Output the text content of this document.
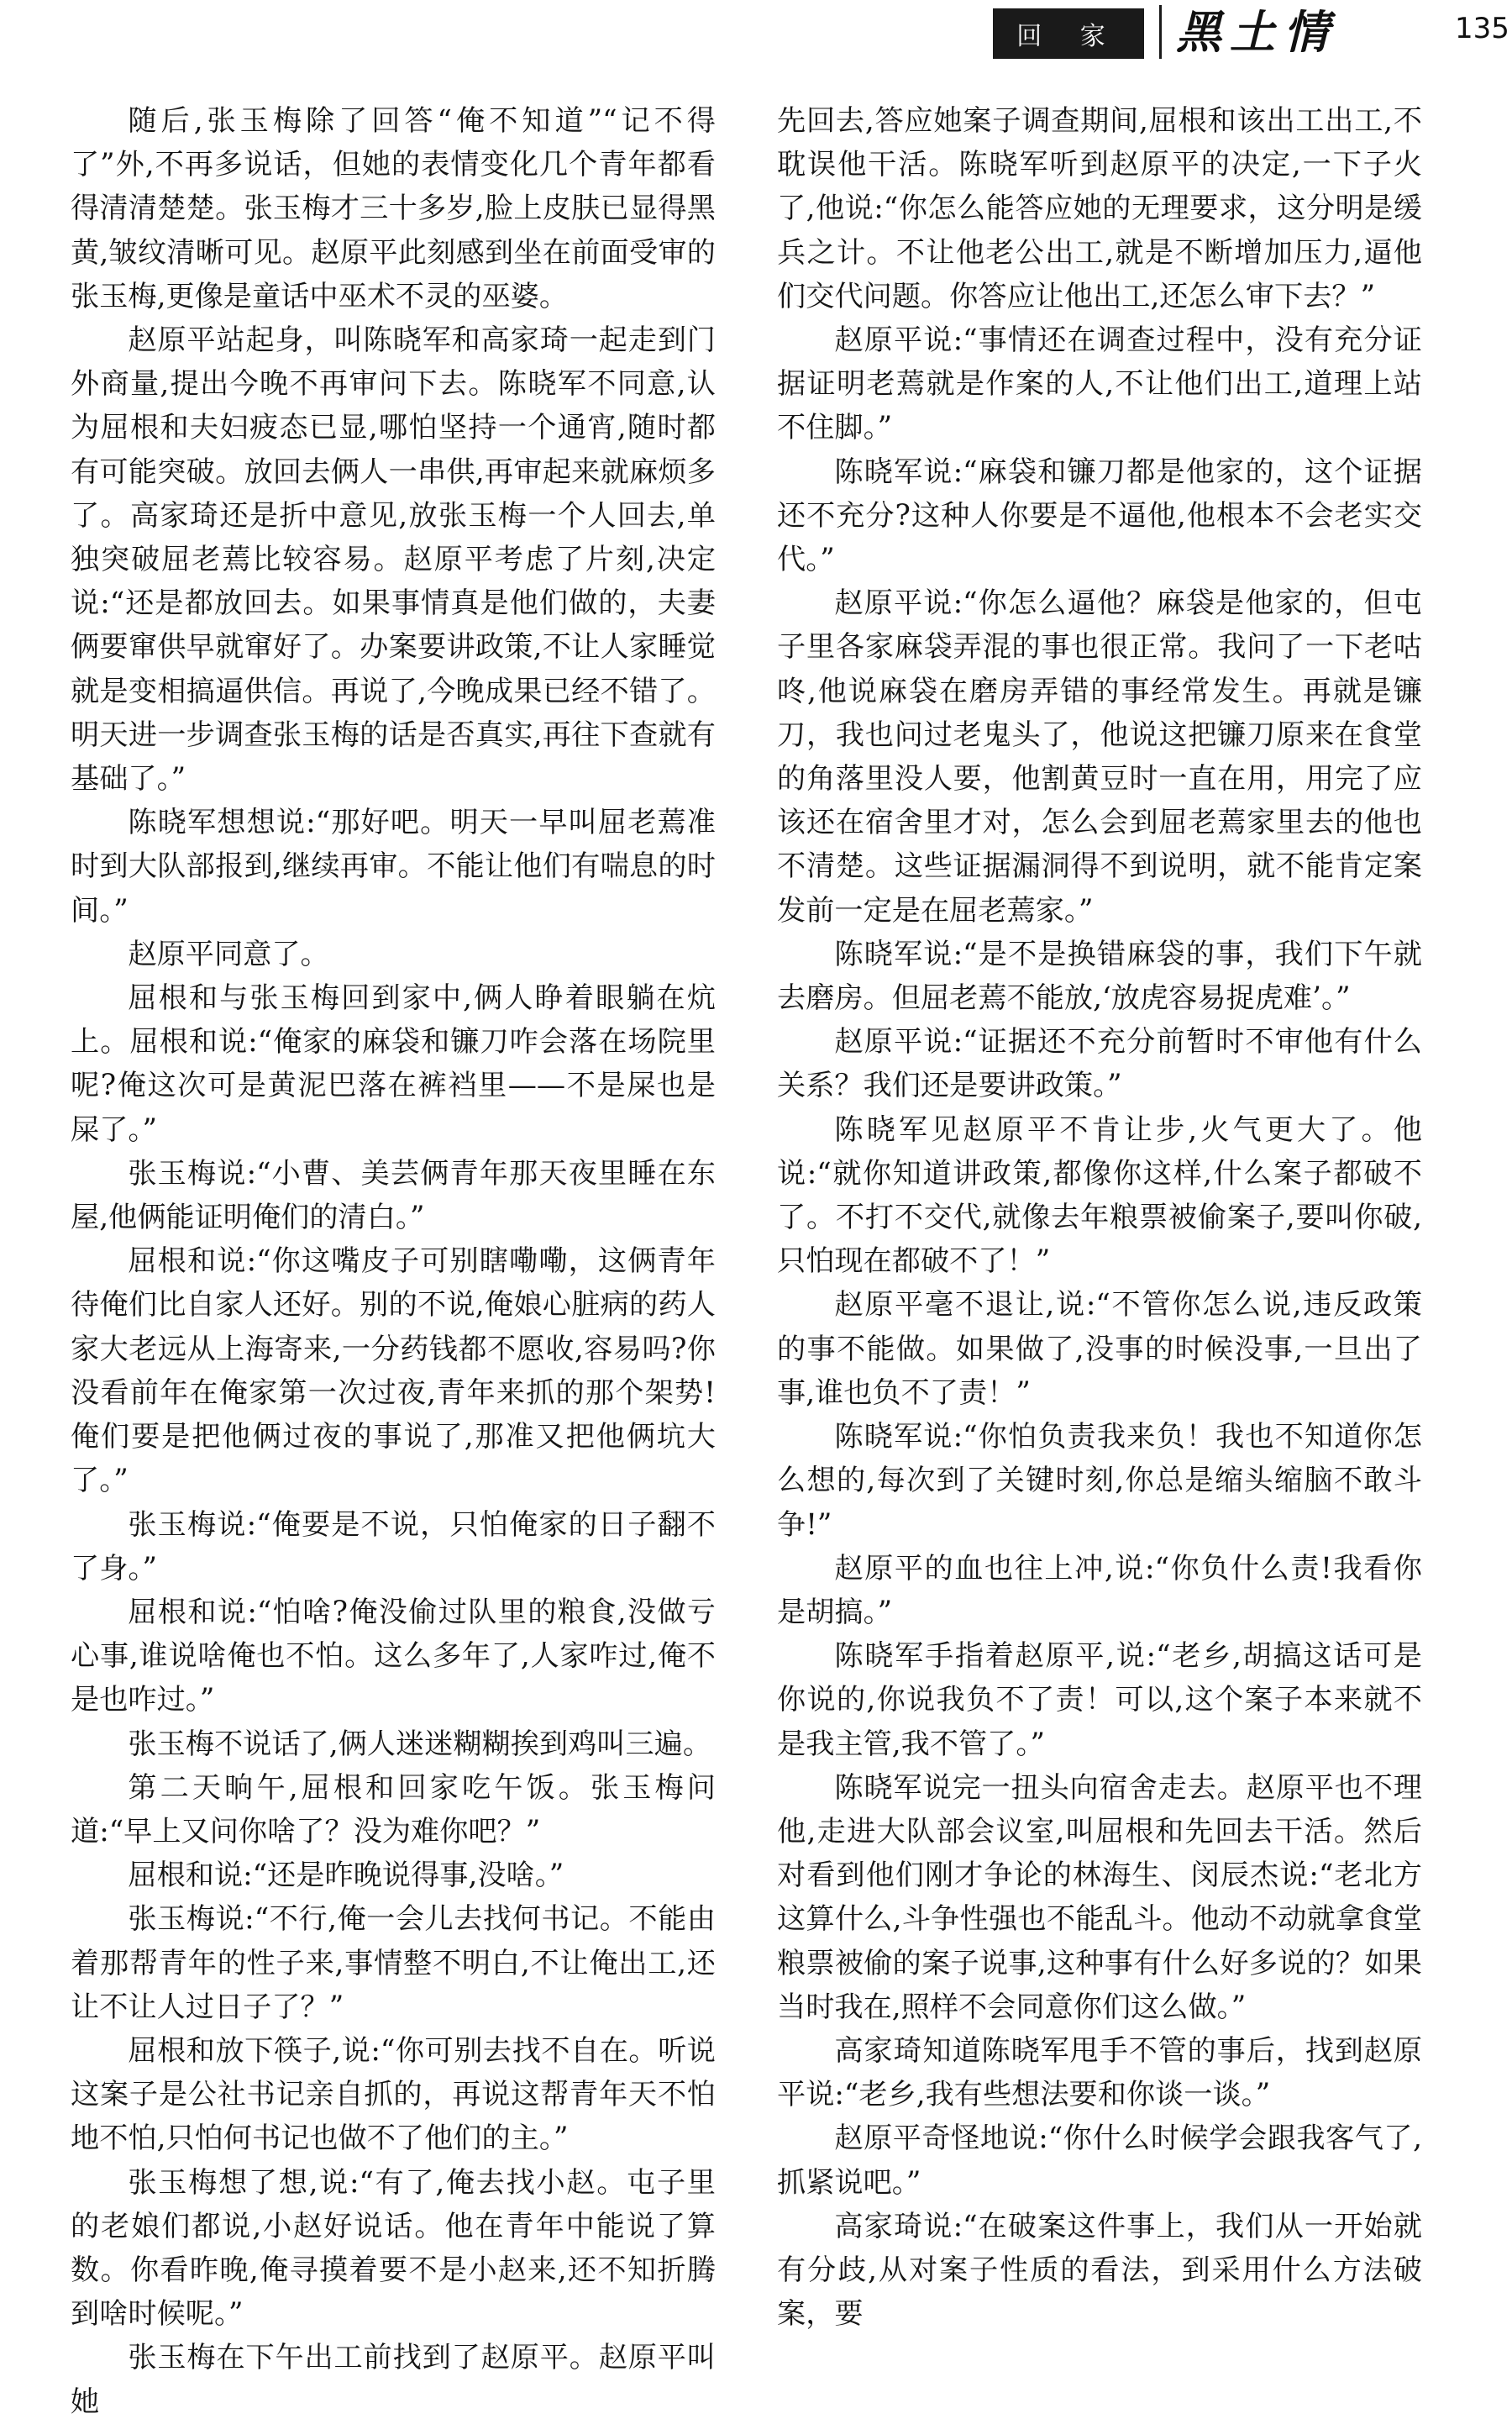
回 家	黑土情	135

随后,张玉梅除了回答“俺不知道”“记不得了”外,不再多说话，但她的表情变化几个青年都看得清清楚楚。张玉梅才三十多岁,脸上皮肤已显得黑黄,皱纹清晰可见。赵原平此刻感到坐在前面受审的张玉梅,更像是童话中巫术不灵的巫婆。

赵原平站起身，叫陈晓军和高家琦一起走到门外商量,提出今晚不再审问下去。陈晓军不同意,认为屈根和夫妇疲态已显,哪怕坚持一个通宵,随时都有可能突破。放回去俩人一串供,再审起来就麻烦多了。高家琦还是折中意见,放张玉梅一个人回去,单独突破屈老蔫比较容易。赵原平考虑了片刻,决定说:“还是都放回去。如果事情真是他们做的，夫妻俩要窜供早就窜好了。办案要讲政策,不让人家睡觉就是变相搞逼供信。再说了,今晚成果已经不错了。明天进一步调查张玉梅的话是否真实,再往下查就有基础了。”

陈晓军想想说:“那好吧。明天一早叫屈老蔫准时到大队部报到,继续再审。不能让他们有喘息的时间。”

赵原平同意了。

屈根和与张玉梅回到家中,俩人睁着眼躺在炕上。屈根和说:“俺家的麻袋和镰刀咋会落在场院里呢?俺这次可是黄泥巴落在裤裆里——不是屎也是屎了。”

张玉梅说:“小曹、美芸俩青年那天夜里睡在东屋,他俩能证明俺们的清白。”

屈根和说:“你这嘴皮子可别瞎嘞嘞，这俩青年待俺们比自家人还好。别的不说,俺娘心脏病的药人家大老远从上海寄来,一分药钱都不愿收,容易吗?你没看前年在俺家第一次过夜,青年来抓的那个架势!俺们要是把他俩过夜的事说了,那准又把他俩坑大了。”

张玉梅说:“俺要是不说，只怕俺家的日子翻不了身。”

屈根和说:“怕啥?俺没偷过队里的粮食,没做亏心事,谁说啥俺也不怕。这么多年了,人家咋过,俺不是也咋过。”

张玉梅不说话了,俩人迷迷糊糊挨到鸡叫三遍。

第二天晌午,屈根和回家吃午饭。张玉梅问道:“早上又问你啥了？没为难你吧？”

屈根和说:“还是昨晚说得事,没啥。”

张玉梅说:“不行,俺一会儿去找何书记。不能由着那帮青年的性子来,事情整不明白,不让俺出工,还让不让人过日子了？”

屈根和放下筷子,说:“你可别去找不自在。听说这案子是公社书记亲自抓的，再说这帮青年天不怕地不怕,只怕何书记也做不了他们的主。”

张玉梅想了想,说:“有了,俺去找小赵。屯子里的老娘们都说,小赵好说话。他在青年中能说了算数。你看昨晚,俺寻摸着要不是小赵来,还不知折腾到啥时候呢。”

张玉梅在下午出工前找到了赵原平。赵原平叫她

先回去,答应她案子调查期间,屈根和该出工出工,不耽误他干活。陈晓军听到赵原平的决定,一下子火了,他说:“你怎么能答应她的无理要求，这分明是缓兵之计。不让他老公出工,就是不断增加压力,逼他们交代问题。你答应让他出工,还怎么审下去？”

赵原平说:“事情还在调查过程中，没有充分证据证明老蔫就是作案的人,不让他们出工,道理上站不住脚。”

陈晓军说:“麻袋和镰刀都是他家的，这个证据还不充分?这种人你要是不逼他,他根本不会老实交代。”

赵原平说:“你怎么逼他？麻袋是他家的，但屯子里各家麻袋弄混的事也很正常。我问了一下老咕咚,他说麻袋在磨房弄错的事经常发生。再就是镰刀，我也问过老鬼头了，他说这把镰刀原来在食堂的角落里没人要，他割黄豆时一直在用，用完了应该还在宿舍里才对，怎么会到屈老蔫家里去的他也不清楚。这些证据漏洞得不到说明，就不能肯定案发前一定是在屈老蔫家。”

陈晓军说:“是不是换错麻袋的事，我们下午就去磨房。但屈老蔫不能放,‘放虎容易捉虎难’。”

赵原平说:“证据还不充分前暂时不审他有什么关系？我们还是要讲政策。”

陈晓军见赵原平不肯让步,火气更大了。他说:“就你知道讲政策,都像你这样,什么案子都破不了。不打不交代,就像去年粮票被偷案子,要叫你破,只怕现在都破不了！”

赵原平毫不退让,说:“不管你怎么说,违反政策的事不能做。如果做了,没事的时候没事,一旦出了事,谁也负不了责！”

陈晓军说:“你怕负责我来负！我也不知道你怎么想的,每次到了关键时刻,你总是缩头缩脑不敢斗争!”

赵原平的血也往上冲,说:“你负什么责!我看你是胡搞。”

陈晓军手指着赵原平,说:“老乡,胡搞这话可是你说的,你说我负不了责！可以,这个案子本来就不是我主管,我不管了。”

陈晓军说完一扭头向宿舍走去。赵原平也不理他,走进大队部会议室,叫屈根和先回去干活。然后对看到他们刚才争论的林海生、闵辰杰说:“老北方这算什么,斗争性强也不能乱斗。他动不动就拿食堂粮票被偷的案子说事,这种事有什么好多说的？如果当时我在,照样不会同意你们这么做。”

高家琦知道陈晓军甩手不管的事后，找到赵原平说:“老乡,我有些想法要和你谈一谈。”

赵原平奇怪地说:“你什么时候学会跟我客气了,抓紧说吧。”

高家琦说:“在破案这件事上，我们从一开始就有分歧,从对案子性质的看法，到采用什么方法破案，要
